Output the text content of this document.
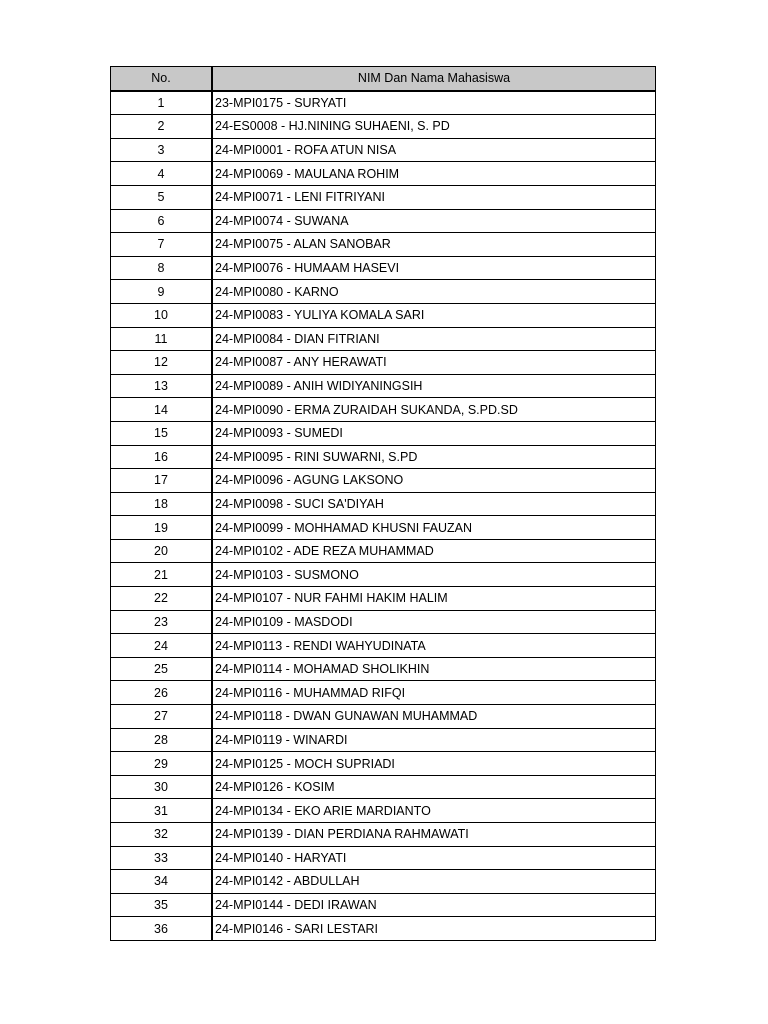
No.	NIM Dan Nama Mahasiswa
1	23-MPI0175 - SURYATI
2	24-ES0008 - HJ.NINING SUHAENI, S. PD
3	24-MPI0001 - ROFA ATUN NISA
4	24-MPI0069 - MAULANA ROHIM
5	24-MPI0071 - LENI FITRIYANI
6	24-MPI0074 - SUWANA
7	24-MPI0075 - ALAN SANOBAR
8	24-MPI0076 - HUMAAM HASEVI
9	24-MPI0080 - KARNO
10	24-MPI0083 - YULIYA KOMALA SARI
11	24-MPI0084 - DIAN FITRIANI
12	24-MPI0087 - ANY HERAWATI
13	24-MPI0089 - ANIH WIDIYANINGSIH
14	24-MPI0090 - ERMA ZURAIDAH SUKANDA, S.PD.SD
15	24-MPI0093 - SUMEDI
16	24-MPI0095 - RINI SUWARNI, S.PD
17	24-MPI0096 - AGUNG LAKSONO
18	24-MPI0098 - SUCI SA'DIYAH
19	24-MPI0099 - MOHHAMAD KHUSNI FAUZAN
20	24-MPI0102 - ADE REZA MUHAMMAD
21	24-MPI0103 - SUSMONO
22	24-MPI0107 - NUR FAHMI HAKIM HALIM
23	24-MPI0109 - MASDODI
24	24-MPI0113 - RENDI WAHYUDINATA
25	24-MPI0114 - MOHAMAD SHOLIKHIN
26	24-MPI0116 - MUHAMMAD RIFQI
27	24-MPI0118 - DWAN GUNAWAN MUHAMMAD
28	24-MPI0119 - WINARDI
29	24-MPI0125 - MOCH SUPRIADI
30	24-MPI0126 - KOSIM
31	24-MPI0134 - EKO ARIE MARDIANTO
32	24-MPI0139 - DIAN PERDIANA RAHMAWATI
33	24-MPI0140 - HARYATI
34	24-MPI0142 - ABDULLAH
35	24-MPI0144 - DEDI IRAWAN
36	24-MPI0146 - SARI LESTARI
